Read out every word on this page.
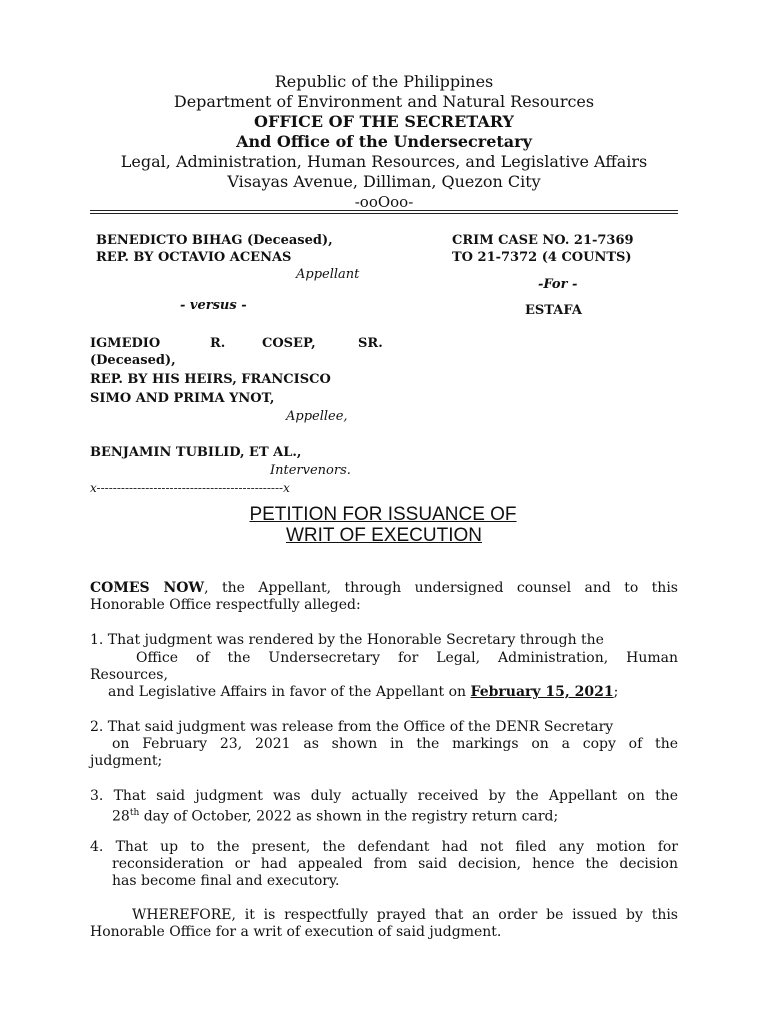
Republic of the Philippines
Department of Environment and Natural Resources
OFFICE OF THE SECRETARY
And Office of the Undersecretary
Legal, Administration, Human Resources, and Legislative Affairs
Visayas Avenue, Dilliman, Quezon City
-ooOoo-
BENEDICTO BIHAG (Deceased),
REP. BY OCTAVIO ACENAS
Appellant
- versus -
IGMEDIO	R.	COSEP,	SR.
(Deceased),
REP. BY HIS HEIRS, FRANCISCO
SIMO AND PRIMA YNOT,
Appellee,
BENJAMIN TUBILID, ET AL.,
Intervenors.
x----------------------------------------------x
CRIM CASE NO. 21-7369
TO 21-7372 (4 COUNTS)
-For -
ESTAFA
PETITION FOR ISSUANCE OF
WRIT OF EXECUTION
COMES NOW, the Appellant, through undersigned counsel and to this
Honorable Office respectfully alleged:
1. That judgment was rendered by the Honorable Secretary through the
Office of the Undersecretary for Legal, Administration, Human
Resources,
and Legislative Affairs in favor of the Appellant on February 15, 2021;
2. That said judgment was release from the Office of the DENR Secretary
on February 23, 2021 as shown in the markings on a copy of the
judgment;
3. That said judgment was duly actually received by the Appellant on the
28th day of October, 2022 as shown in the registry return card;
4. That up to the present, the defendant had not filed any motion for
reconsideration or had appealed from said decision, hence the decision
has become final and executory.
WHEREFORE, it is respectfully prayed that an order be issued by this
Honorable Office for a writ of execution of said judgment.
